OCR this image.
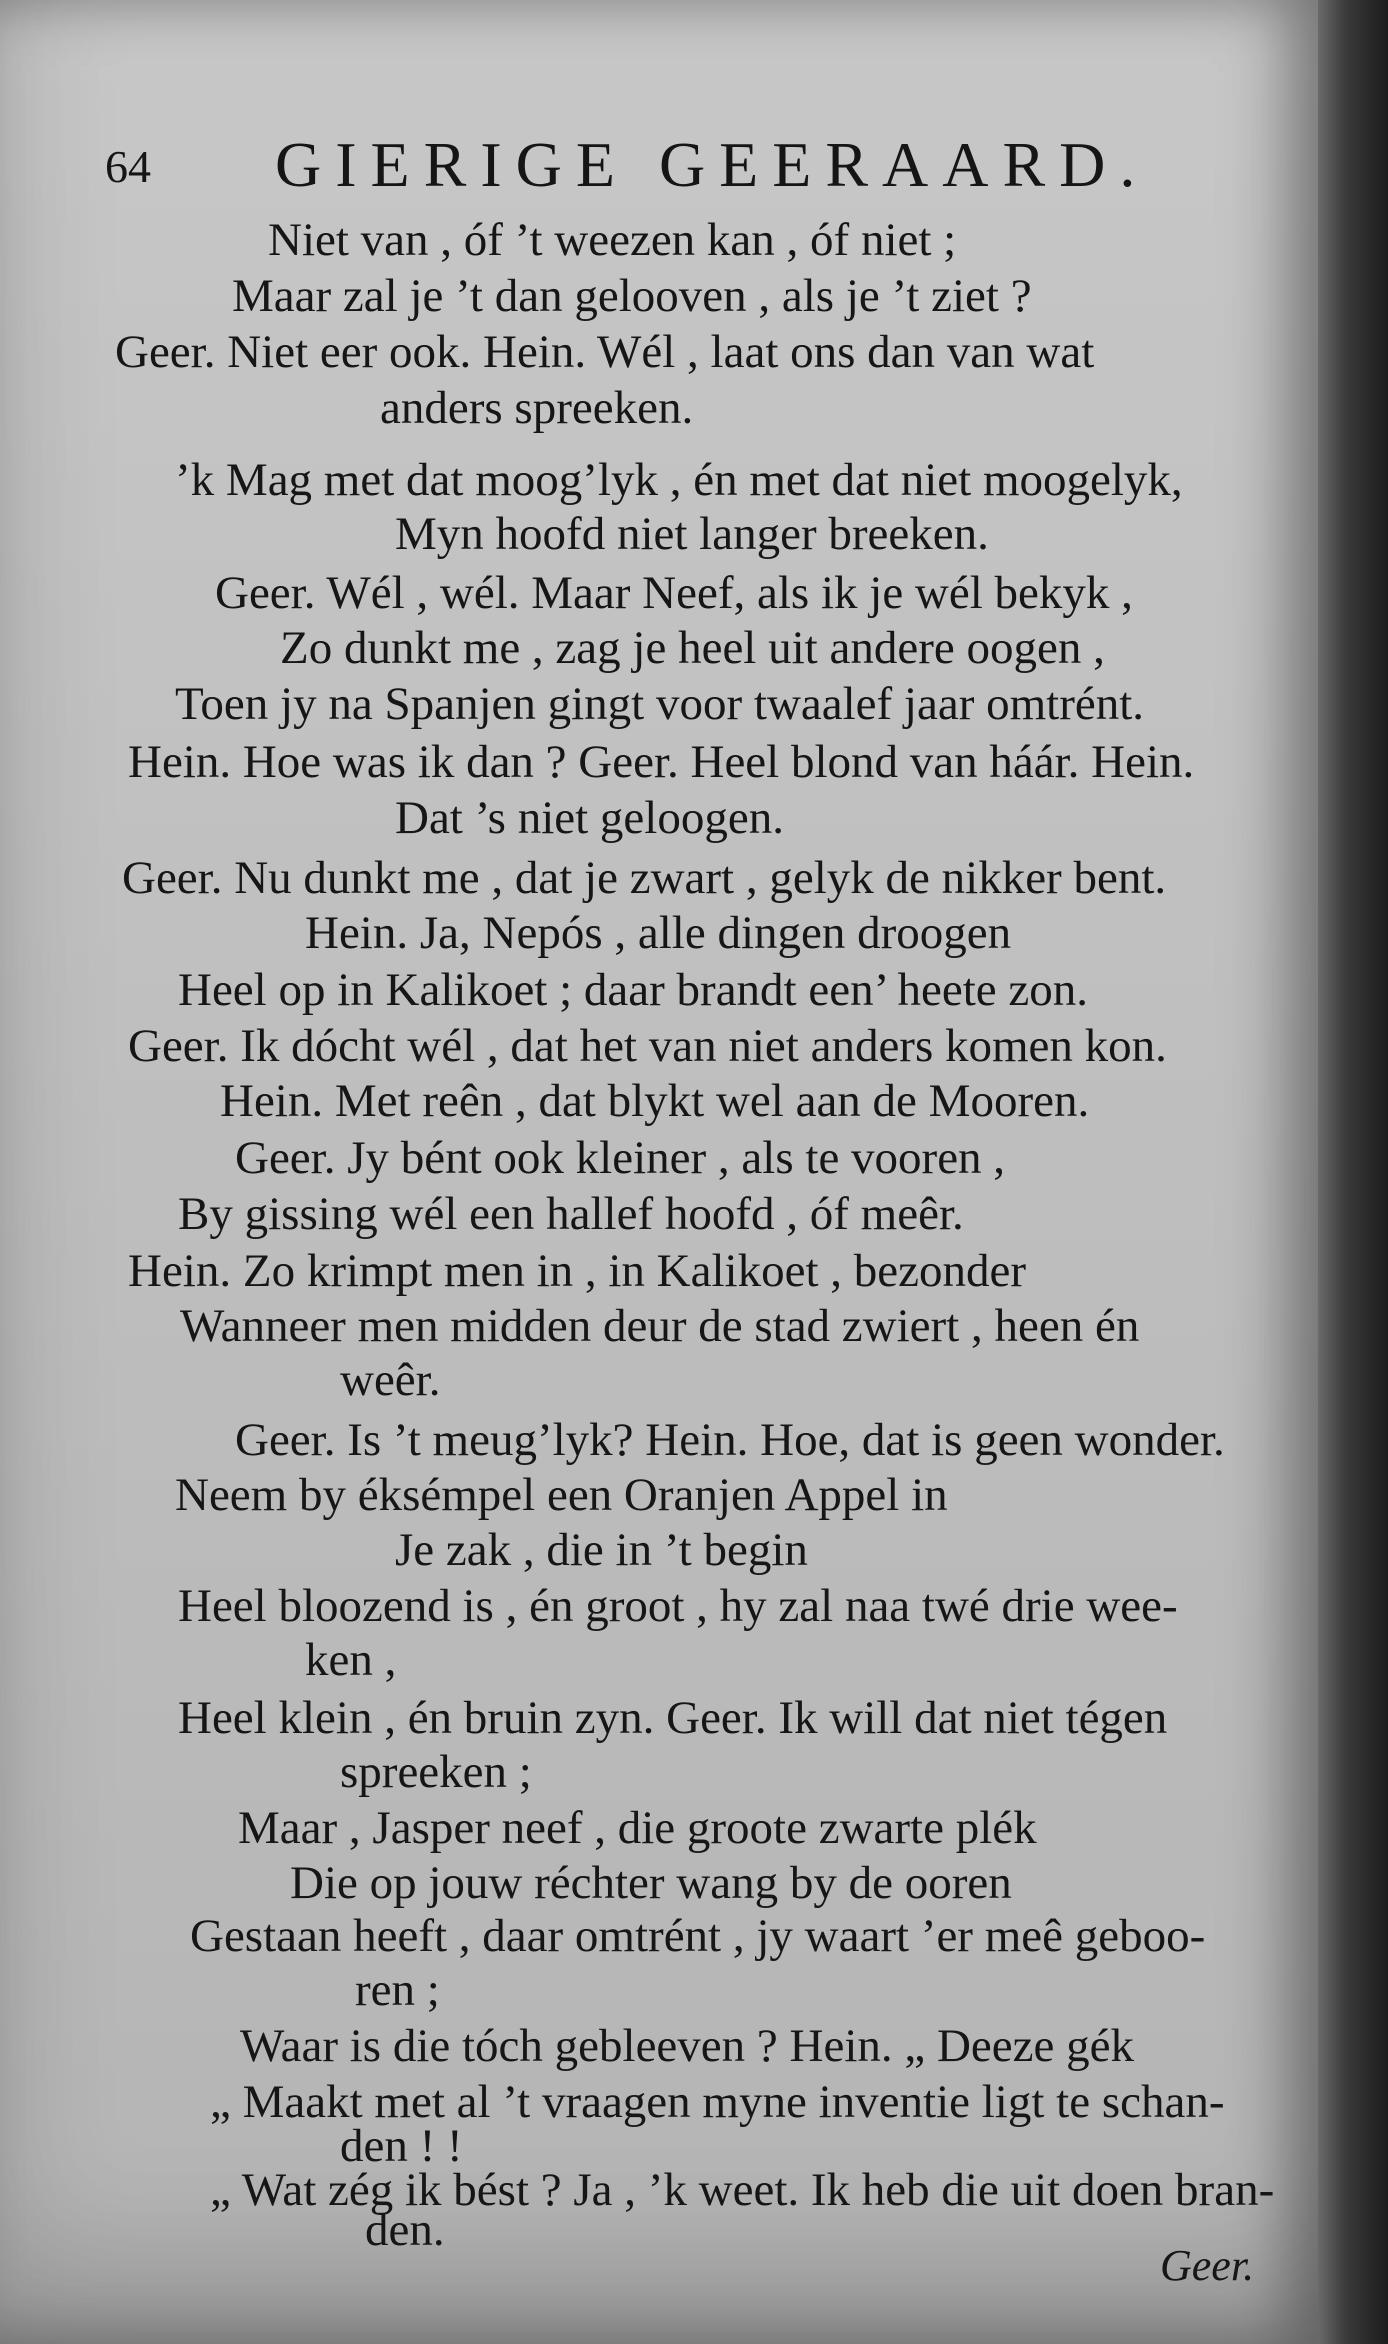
64 GIERIGE GEERAARD.
Niet van , óf ’t weezen kan , óf niet ;
Maar zal je ’t dan gelooven , als je ’t ziet ?
Geer. Niet eer ook. Hein. Wél , laat ons dan van wat
anders spreeken.
’k Mag met dat moog’lyk , én met dat niet moogelyk,
Myn hoofd niet langer breeken.
Geer. Wél , wél. Maar Neef, als ik je wél bekyk ,
Zo dunkt me , zag je heel uit andere oogen ,
Toen jy na Spanjen gingt voor twaalef jaar omtrént.
Hein. Hoe was ik dan ? Geer. Heel blond van háár. Hein.
Dat ’s niet geloogen.
Geer. Nu dunkt me , dat je zwart , gelyk de nikker bent.
Hein. Ja, Nepós , alle dingen droogen
Heel op in Kalikoet ; daar brandt een’ heete zon.
Geer. Ik dócht wél , dat het van niet anders komen kon.
Hein. Met reên , dat blykt wel aan de Mooren.
Geer. Jy bént ook kleiner , als te vooren ,
By gissing wél een hallef hoofd , óf meêr.
Hein. Zo krimpt men in , in Kalikoet , bezonder
Wanneer men midden deur de stad zwiert , heen én
weêr.
Geer. Is ’t meug’lyk? Hein. Hoe, dat is geen wonder.
Neem by éksémpel een Oranjen Appel in
Je zak , die in ’t begin
Heel bloozend is , én groot , hy zal naa twé drie wee-
ken ,
Heel klein , én bruin zyn. Geer. Ik will dat niet tégen
spreeken ;
Maar , Jasper neef , die groote zwarte plék
Die op jouw réchter wang by de ooren
Gestaan heeft , daar omtrént , jy waart ’er meê geboo-
ren ;
Waar is die tóch gebleeven ? Hein. „ Deeze gék
„ Maakt met al ’t vraagen myne inventie ligt te schan-
den ! !
„ Wat zég ik bést ? Ja , ’k weet. Ik heb die uit doen bran-
den.
Geer.
